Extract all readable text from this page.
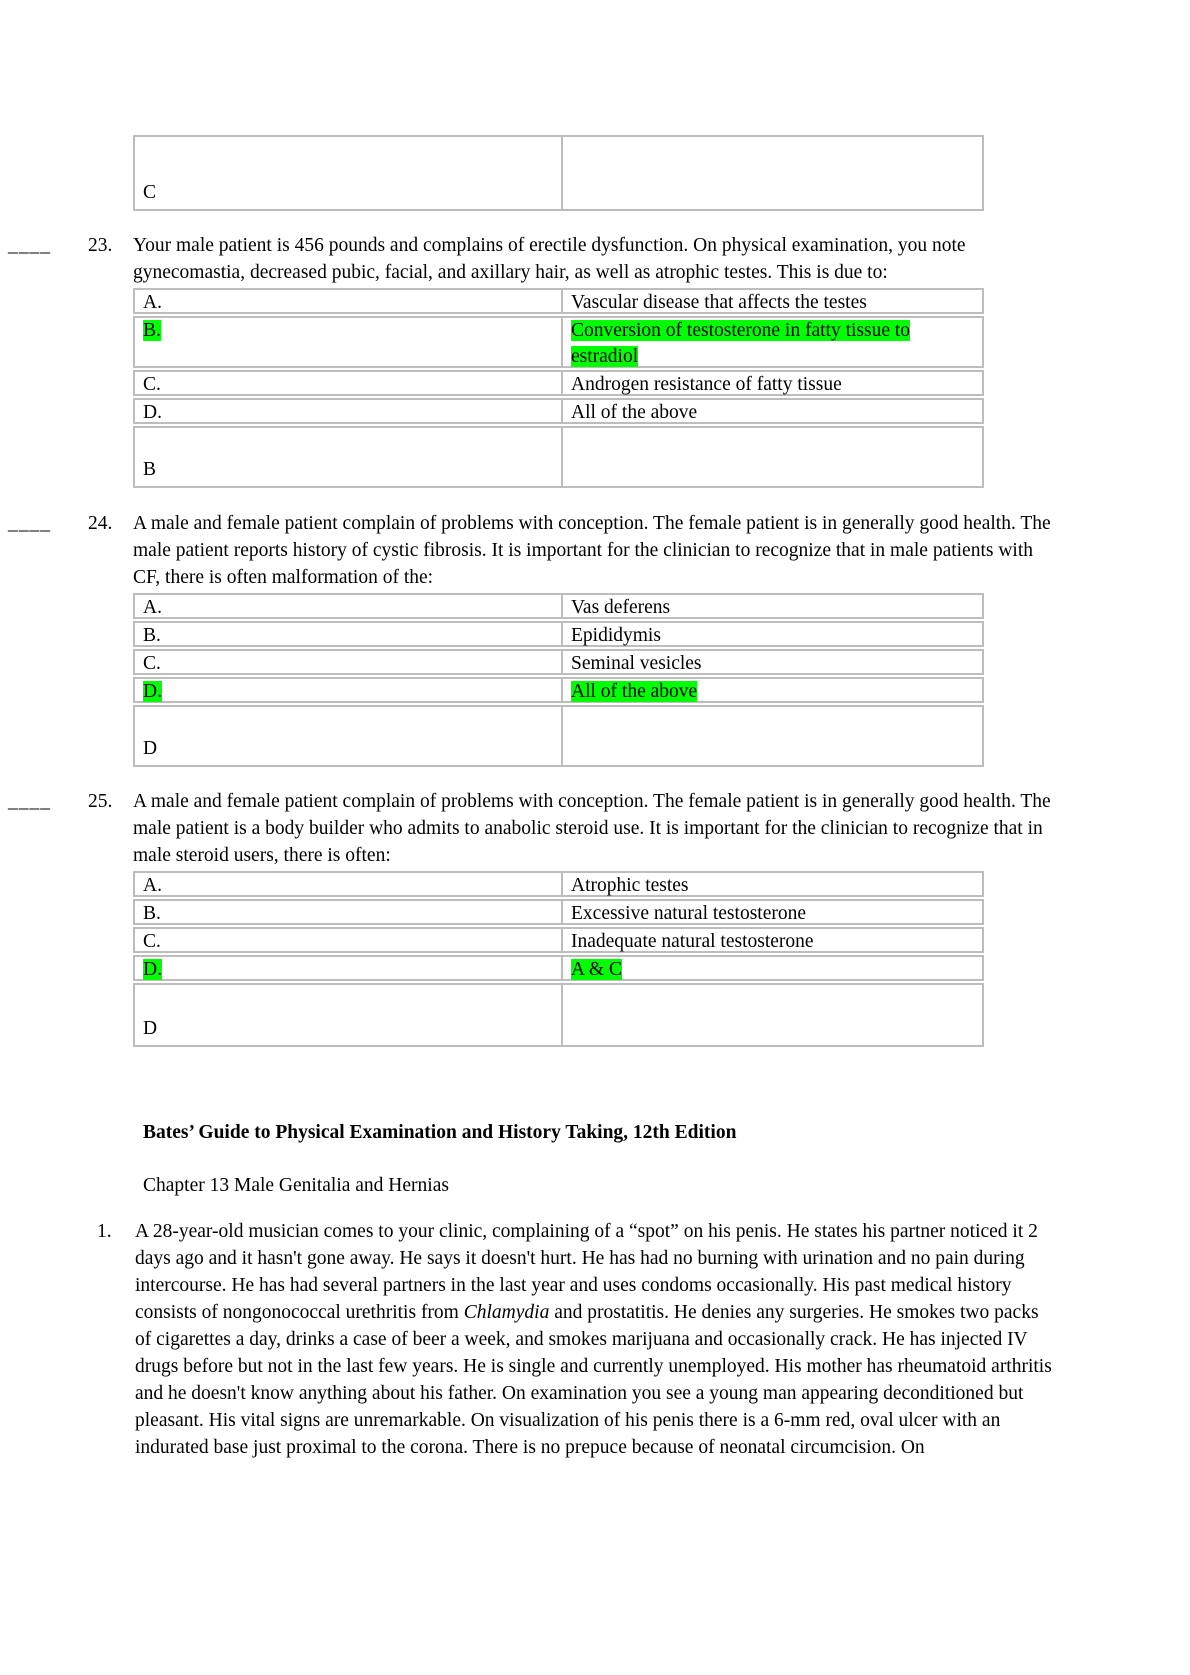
C
____ 23. Your male patient is 456 pounds and complains of erectile dysfunction. On physical examination, you note gynecomastia, decreased pubic, facial, and axillary hair, as well as atrophic testes. This is due to:
A.	Vascular disease that affects the testes
B.	Conversion of testosterone in fatty tissue to estradiol
C.	Androgen resistance of fatty tissue
D.	All of the above
B
____ 24. A male and female patient complain of problems with conception. The female patient is in generally good health. The male patient reports history of cystic fibrosis. It is important for the clinician to recognize that in male patients with CF, there is often malformation of the:
A.	Vas deferens
B.	Epididymis
C.	Seminal vesicles
D.	All of the above
D
____ 25. A male and female patient complain of problems with conception. The female patient is in generally good health. The male patient is a body builder who admits to anabolic steroid use. It is important for the clinician to recognize that in male steroid users, there is often:
A.	Atrophic testes
B.	Excessive natural testosterone
C.	Inadequate natural testosterone
D.	A & C
D
Bates’ Guide to Physical Examination and History Taking, 12th Edition
Chapter 13 Male Genitalia and Hernias
1. A 28-year-old musician comes to your clinic, complaining of a “spot” on his penis. He states his partner noticed it 2 days ago and it hasn't gone away. He says it doesn't hurt. He has had no burning with urination and no pain during intercourse. He has had several partners in the last year and uses condoms occasionally. His past medical history consists of nongonococcal urethritis from Chlamydia and prostatitis. He denies any surgeries. He smokes two packs of cigarettes a day, drinks a case of beer a week, and smokes marijuana and occasionally crack. He has injected IV drugs before but not in the last few years. He is single and currently unemployed. His mother has rheumatoid arthritis and he doesn't know anything about his father. On examination you see a young man appearing deconditioned but pleasant. His vital signs are unremarkable. On visualization of his penis there is a 6-mm red, oval ulcer with an indurated base just proximal to the corona. There is no prepuce because of neonatal circumcision. On
